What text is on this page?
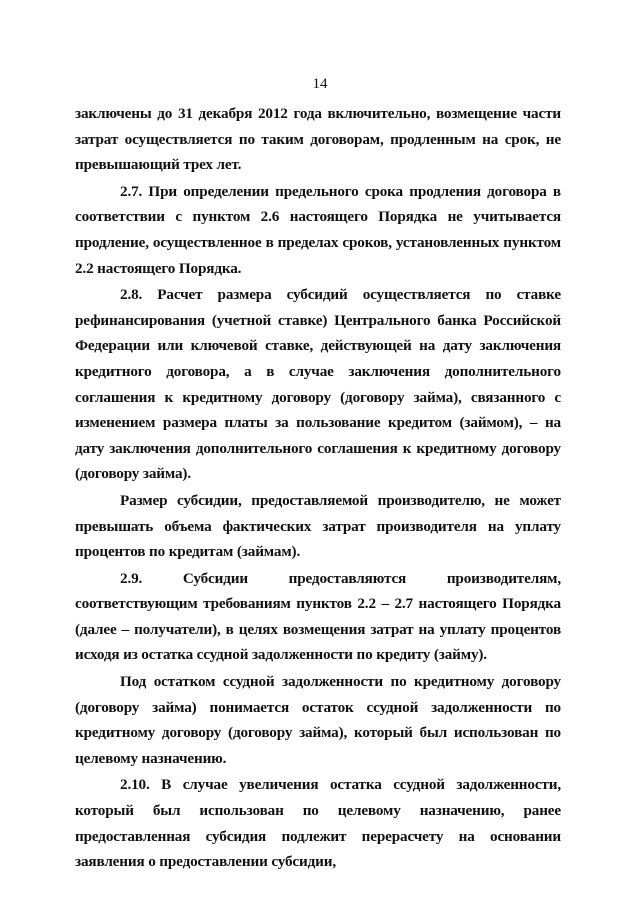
14

заключены до 31 декабря 2012 года включительно, возмещение части затрат осуществляется по таким договорам, продленным на срок, не превышающий трех лет.

2.7. При определении предельного срока продления договора в соответствии с пунктом 2.6 настоящего Порядка не учитывается продление, осуществленное в пределах сроков, установленных пунктом 2.2 настоящего Порядка.

2.8. Расчет размера субсидий осуществляется по ставке рефинансирования (учетной ставке) Центрального банка Российской Федерации или ключевой ставке, действующей на дату заключения кредитного договора, а в случае заключения дополнительного соглашения к кредитному договору (договору займа), связанного с изменением размера платы за пользование кредитом (займом), – на дату заключения дополнительного соглашения к кредитному договору (договору займа).

Размер субсидии, предоставляемой производителю, не может превышать объема фактических затрат производителя на уплату процентов по кредитам (займам).

2.9. Субсидии предоставляются производителям, соответствующим требованиям пунктов 2.2 – 2.7 настоящего Порядка (далее – получатели), в целях возмещения затрат на уплату процентов исходя из остатка ссудной задолженности по кредиту (займу).

Под остатком ссудной задолженности по кредитному договору (договору займа) понимается остаток ссудной задолженности по кредитному договору (договору займа), который был использован по целевому назначению.

2.10. В случае увеличения остатка ссудной задолженности, который был использован по целевому назначению, ранее предоставленная субсидия подлежит перерасчету на основании заявления о предоставлении субсидии,
